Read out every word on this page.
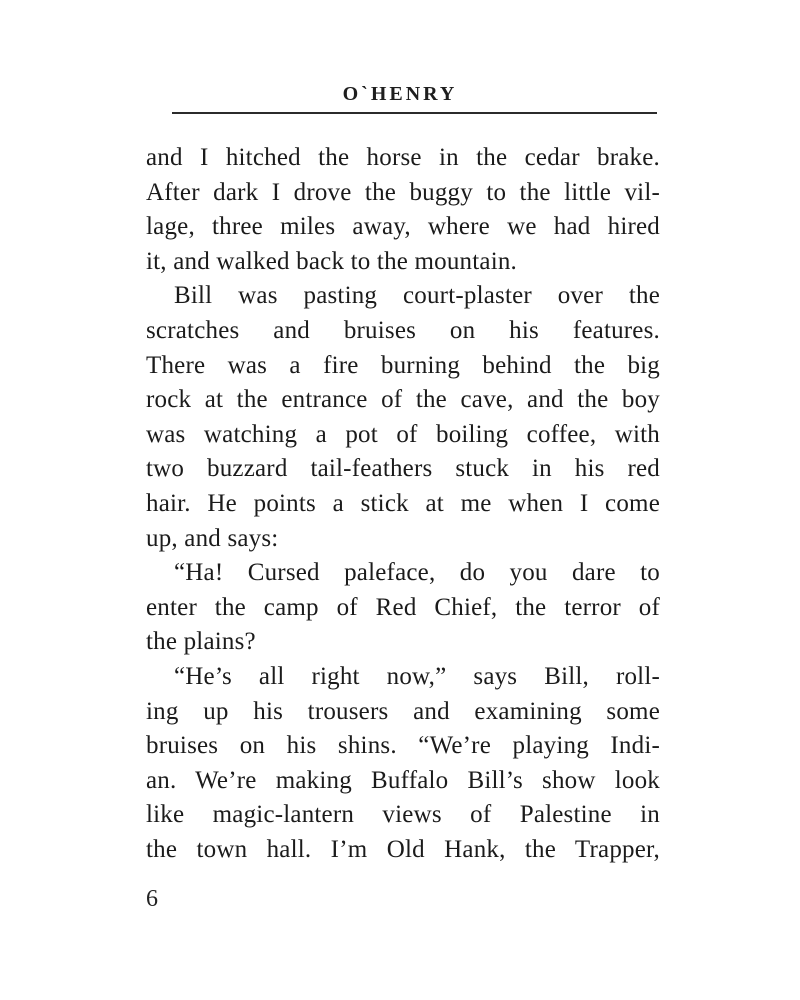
O`HENRY
and I hitched the horse in the cedar brake.
After dark I drove the buggy to the little vil-
lage, three miles away, where we had hired
it, and walked back to the mountain.
Bill was pasting court-plaster over the
scratches and bruises on his features.
There was a fire burning behind the big
rock at the entrance of the cave, and the boy
was watching a pot of boiling coffee, with
two buzzard tail-feathers stuck in his red
hair. He points a stick at me when I come
up, and says:
“Ha! Cursed paleface, do you dare to
enter the camp of Red Chief, the terror of
the plains?
“He’s all right now,” says Bill, roll-
ing up his trousers and examining some
bruises on his shins. “We’re playing Indi-
an. We’re making Buffalo Bill’s show look
like magic-lantern views of Palestine in
the town hall. I’m Old Hank, the Trapper,
6
